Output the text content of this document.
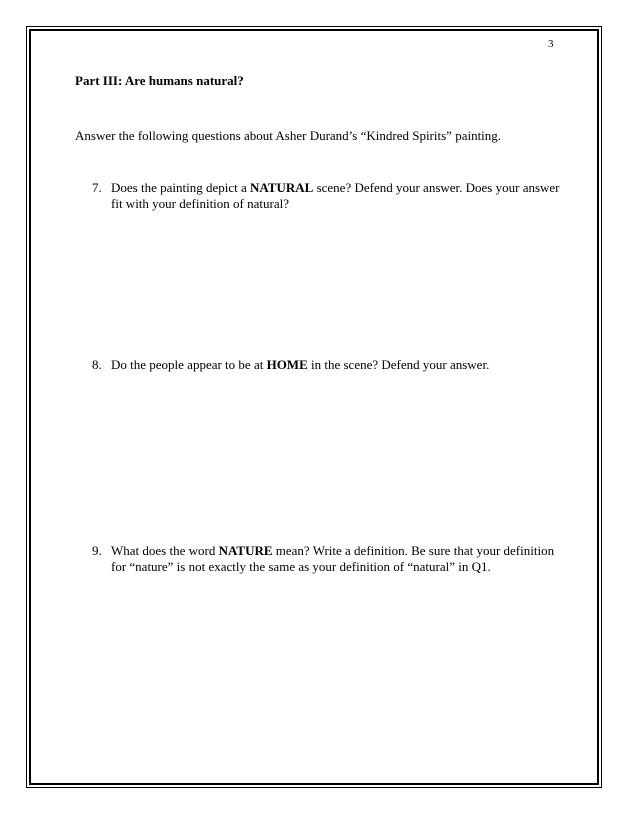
3
Part III: Are humans natural?
Answer the following questions about Asher Durand’s “Kindred Spirits” painting.
7. Does the painting depict a NATURAL scene? Defend your answer. Does your answer
fit with your definition of natural?
8. Do the people appear to be at HOME in the scene? Defend your answer.
9. What does the word NATURE mean? Write a definition. Be sure that your definition
for “nature” is not exactly the same as your definition of “natural” in Q1.
